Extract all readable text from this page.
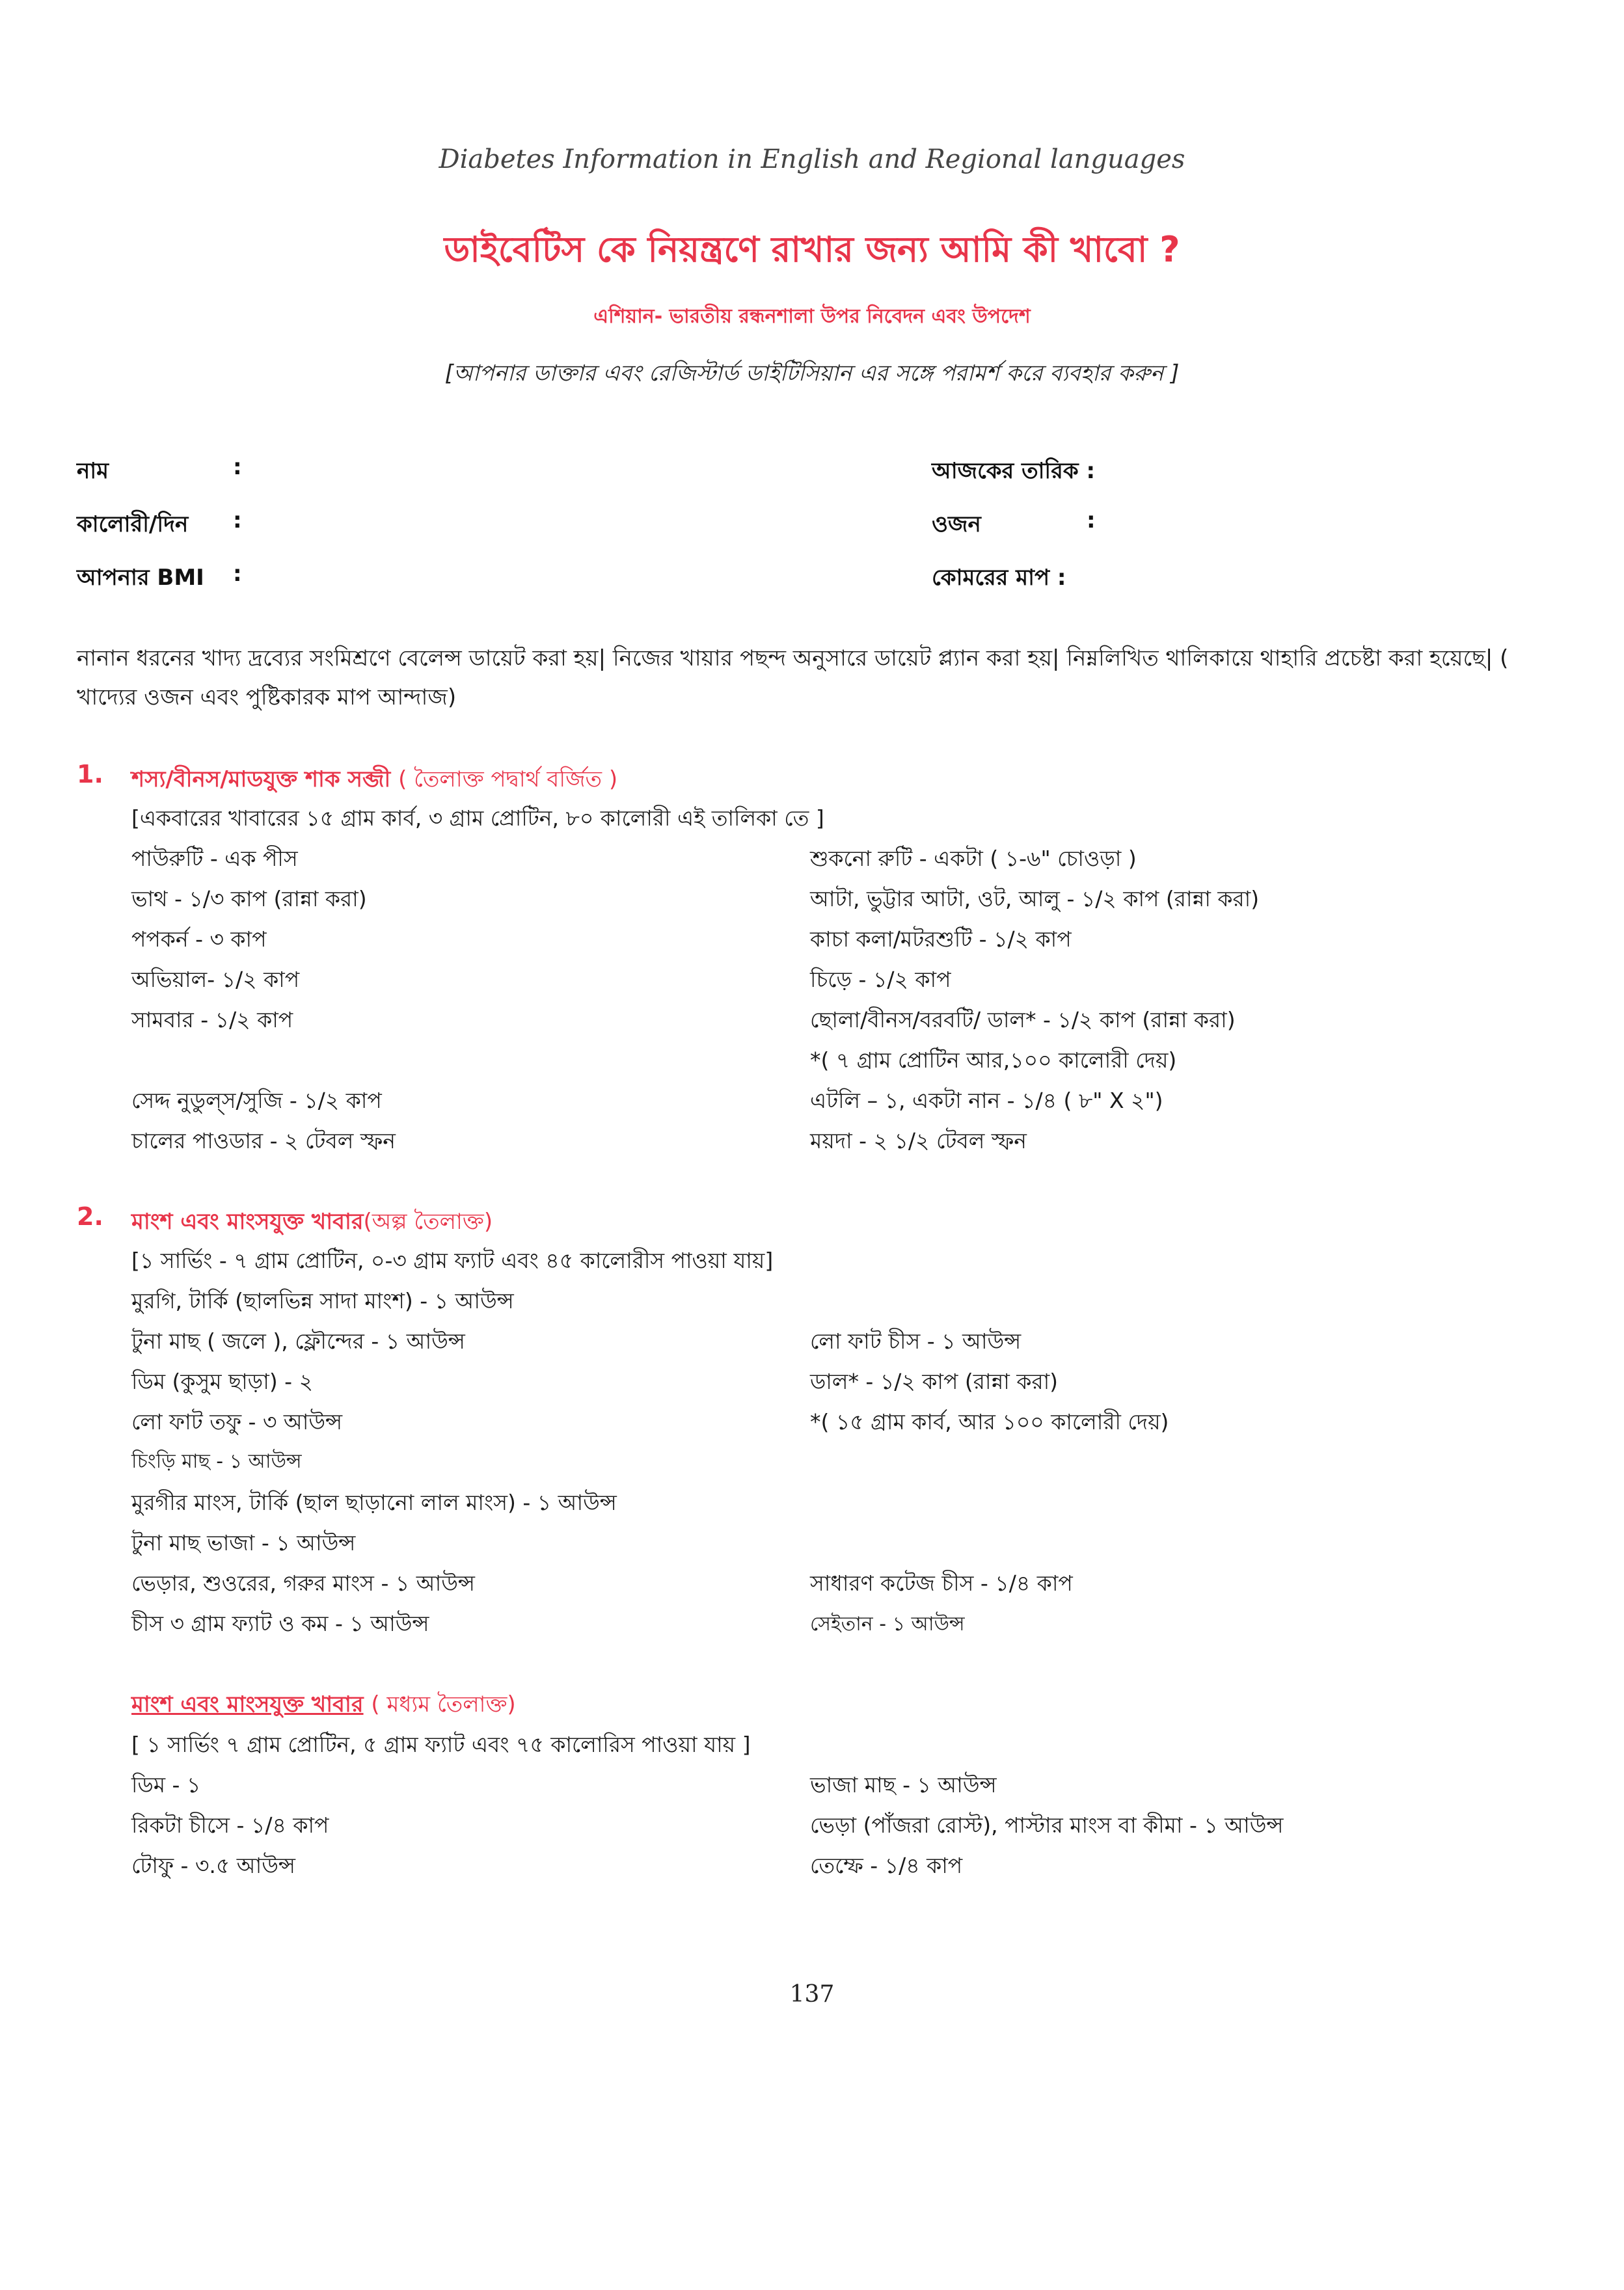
Diabetes Information in English and Regional languages
ডাইবেটিস কে নিয়ন্ত্রণে রাখার জন্য আমি কী খাবো ?
এশিয়ান- ভারতীয় রন্ধনশালা উপর নিবেদন এবং উপদেশ
[আপনার ডাক্তার এবং রেজিস্টার্ড ডাইটিসিয়ান এর সঙ্গে পরামর্শ করে ব্যবহার করুন ]
নাম	:
কালোরী/দিন :
আপনার BMI :
আজকের তারিক :
ওজন	:
কোমরের মাপ :
নানান ধরনের খাদ্য দ্রব্যের সংমিশ্রণে বেলেন্স ডায়েট করা হয়| নিজের খায়ার পছন্দ অনুসারে ডায়েট প্ল্যান করা হয়| নিম্নলিখিত থালিকায়ে থাহারি প্রচেষ্টা করা হয়েছে| ( খাদ্যের ওজন এবং পুষ্টিকারক মাপ আন্দাজ)
1. শস্য/বীনস/মাডযুক্ত শাক সব্জী ( তৈলাক্ত পদ্বার্থ বর্জিত )
[একবারের খাবারের ১৫ গ্রাম কার্ব, ৩ গ্রাম প্রোটিন, ৮০ কালোরী এই তালিকা তে ]
পাউরুটি - এক পীস
ভাথ - ১/৩ কাপ (রান্না করা)
পপকর্ন - ৩ কাপ
অভিয়াল- ১/২ কাপ
সামবার - ১/২ কাপ
সেদ্দ নুডুল্স/সুজি - ১/২ কাপ
চালের পাওডার - ২ টেবল স্ফন
শুকনো রুটি - একটা ( ১-৬" চোওড়া )
আটা, ভুট্টার আটা, ওট, আলু - ১/২ কাপ (রান্না করা)
কাচা কলা/মটরশুটি - ১/২ কাপ
চিড়ে - ১/২ কাপ
ছোলা/বীনস/বরবটি/ ডাল* - ১/২ কাপ (রান্না করা)
*( ৭ গ্রাম প্রোটিন আর,১০০ কালোরী দেয়)
এটলি – ১, একটা নান - ১/৪ ( ৮" X ২")
ময়দা - ২ ১/২ টেবল স্ফন
2. মাংশ এবং মাংসযুক্ত খাবার(অল্প তৈলাক্ত)
[১ সার্ভিং - ৭ গ্রাম প্রোটিন, ০-৩ গ্রাম ফ্যাট এবং ৪৫ কালোরীস পাওয়া যায়]
মুরগি, টার্কি (ছালভিন্ন সাদা মাংশ) - ১ আউন্স
টুনা মাছ ( জলে ), ফ্লৌন্দের - ১ আউন্স
ডিম (কুসুম ছাড়া) - ২
লো ফাট তফু - ৩ আউন্স
চিংড়ি মাছ - ১ আউন্স
মুরগীর মাংস, টার্কি (ছাল ছাড়ানো লাল মাংস) - ১ আউন্স
টুনা মাছ ভাজা - ১ আউন্স
ভেড়ার, শুওরের, গরুর মাংস - ১ আউন্স
চীস ৩ গ্রাম ফ্যাট ও কম - ১ আউন্স
লো ফাট চীস - ১ আউন্স
ডাল* - ১/২ কাপ (রান্না করা)
*( ১৫ গ্রাম কার্ব, আর ১০০ কালোরী দেয়)
সাধারণ কটেজ চীস - ১/৪ কাপ
সেইতান - ১ আউন্স
মাংশ এবং মাংসযুক্ত খাবার ( মধ্যম তৈলাক্ত)
[ ১ সার্ভিং ৭ গ্রাম প্রোটিন, ৫ গ্রাম ফ্যাট এবং ৭৫ কালোরিস পাওয়া যায় ]
ডিম - ১
রিকটা চীসে - ১/৪ কাপ
টোফু - ৩.৫ আউন্স
ভাজা মাছ - ১ আউন্স
ভেড়া (পাঁজরা রোস্ট), পাস্টার মাংস বা কীমা - ১ আউন্স
তেম্ফে - ১/৪ কাপ
137
